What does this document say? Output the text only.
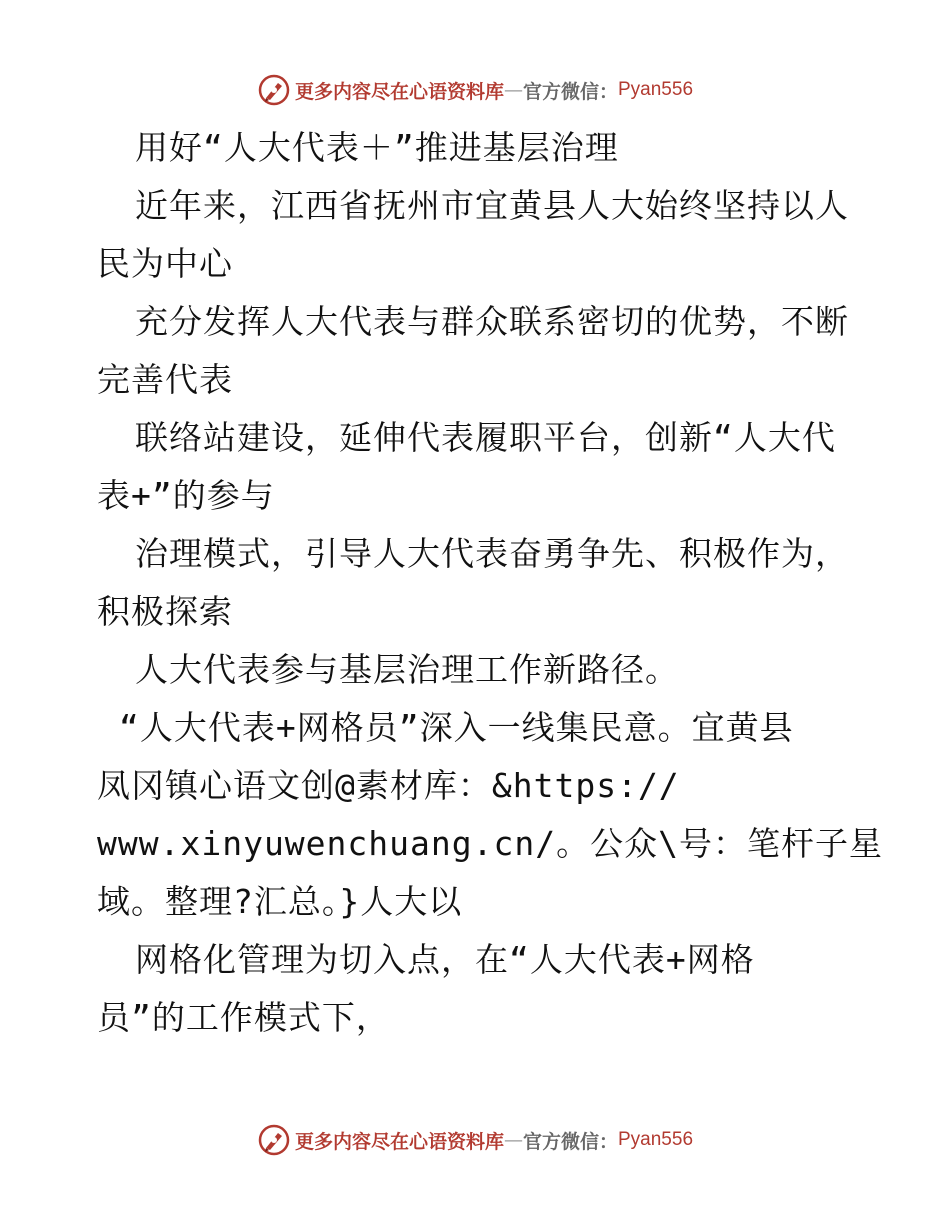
更多内容尽在心语资料库 — 官方微信： Pyan556
用好“人大代表＋”推进基层治理
近年来，江西省抚州市宜黄县人大始终坚持以人
民为中心
充分发挥人大代表与群众联系密切的优势，不断
完善代表
联络站建设，延伸代表履职平台，创新“人大代
表+”的参与
治理模式，引导人大代表奋勇争先、积极作为，
积极探索
人大代表参与基层治理工作新路径。
“人大代表+网格员”深入一线集民意。宜黄县
凤冈镇心语文创@素材库：&https://
www.xinyuwenchuang.cn/。公众\号：笔杆子星
域。整理?汇总。}人大以
网格化管理为切入点，在“人大代表+网格
员”的工作模式下，
更多内容尽在心语资料库 — 官方微信： Pyan556
